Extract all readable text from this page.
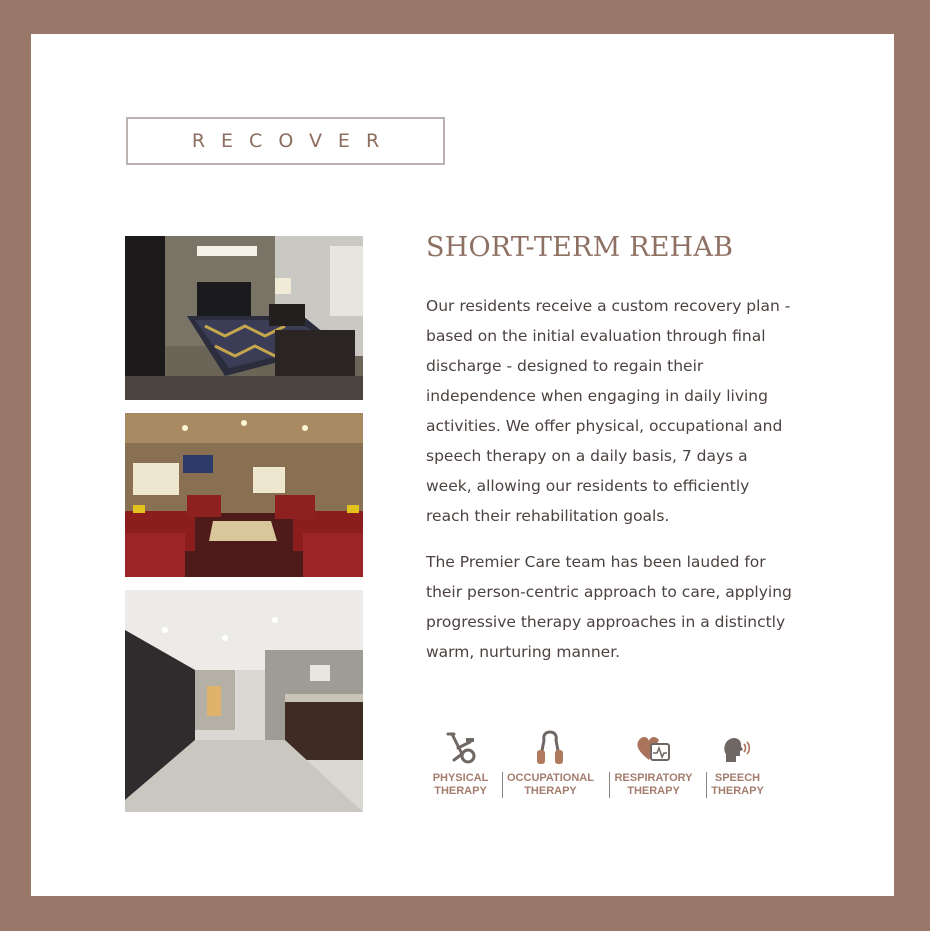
RECOVER
SHORT-TERM REHAB

Our residents receive a custom recovery plan - based on the initial evaluation through final discharge - designed to regain their independence when engaging in daily living activities. We offer physical, occupational and speech therapy on a daily basis, 7 days a week, allowing our residents to efficiently reach their rehabilitation goals.

The Premier Care team has been lauded for their person-centric approach to care, applying progressive therapy approaches in a distinctly warm, nurturing manner.

PHYSICAL
THERAPY
OCCUPATIONAL
THERAPY
RESPIRATORY
THERAPY
SPEECH
THERAPY
